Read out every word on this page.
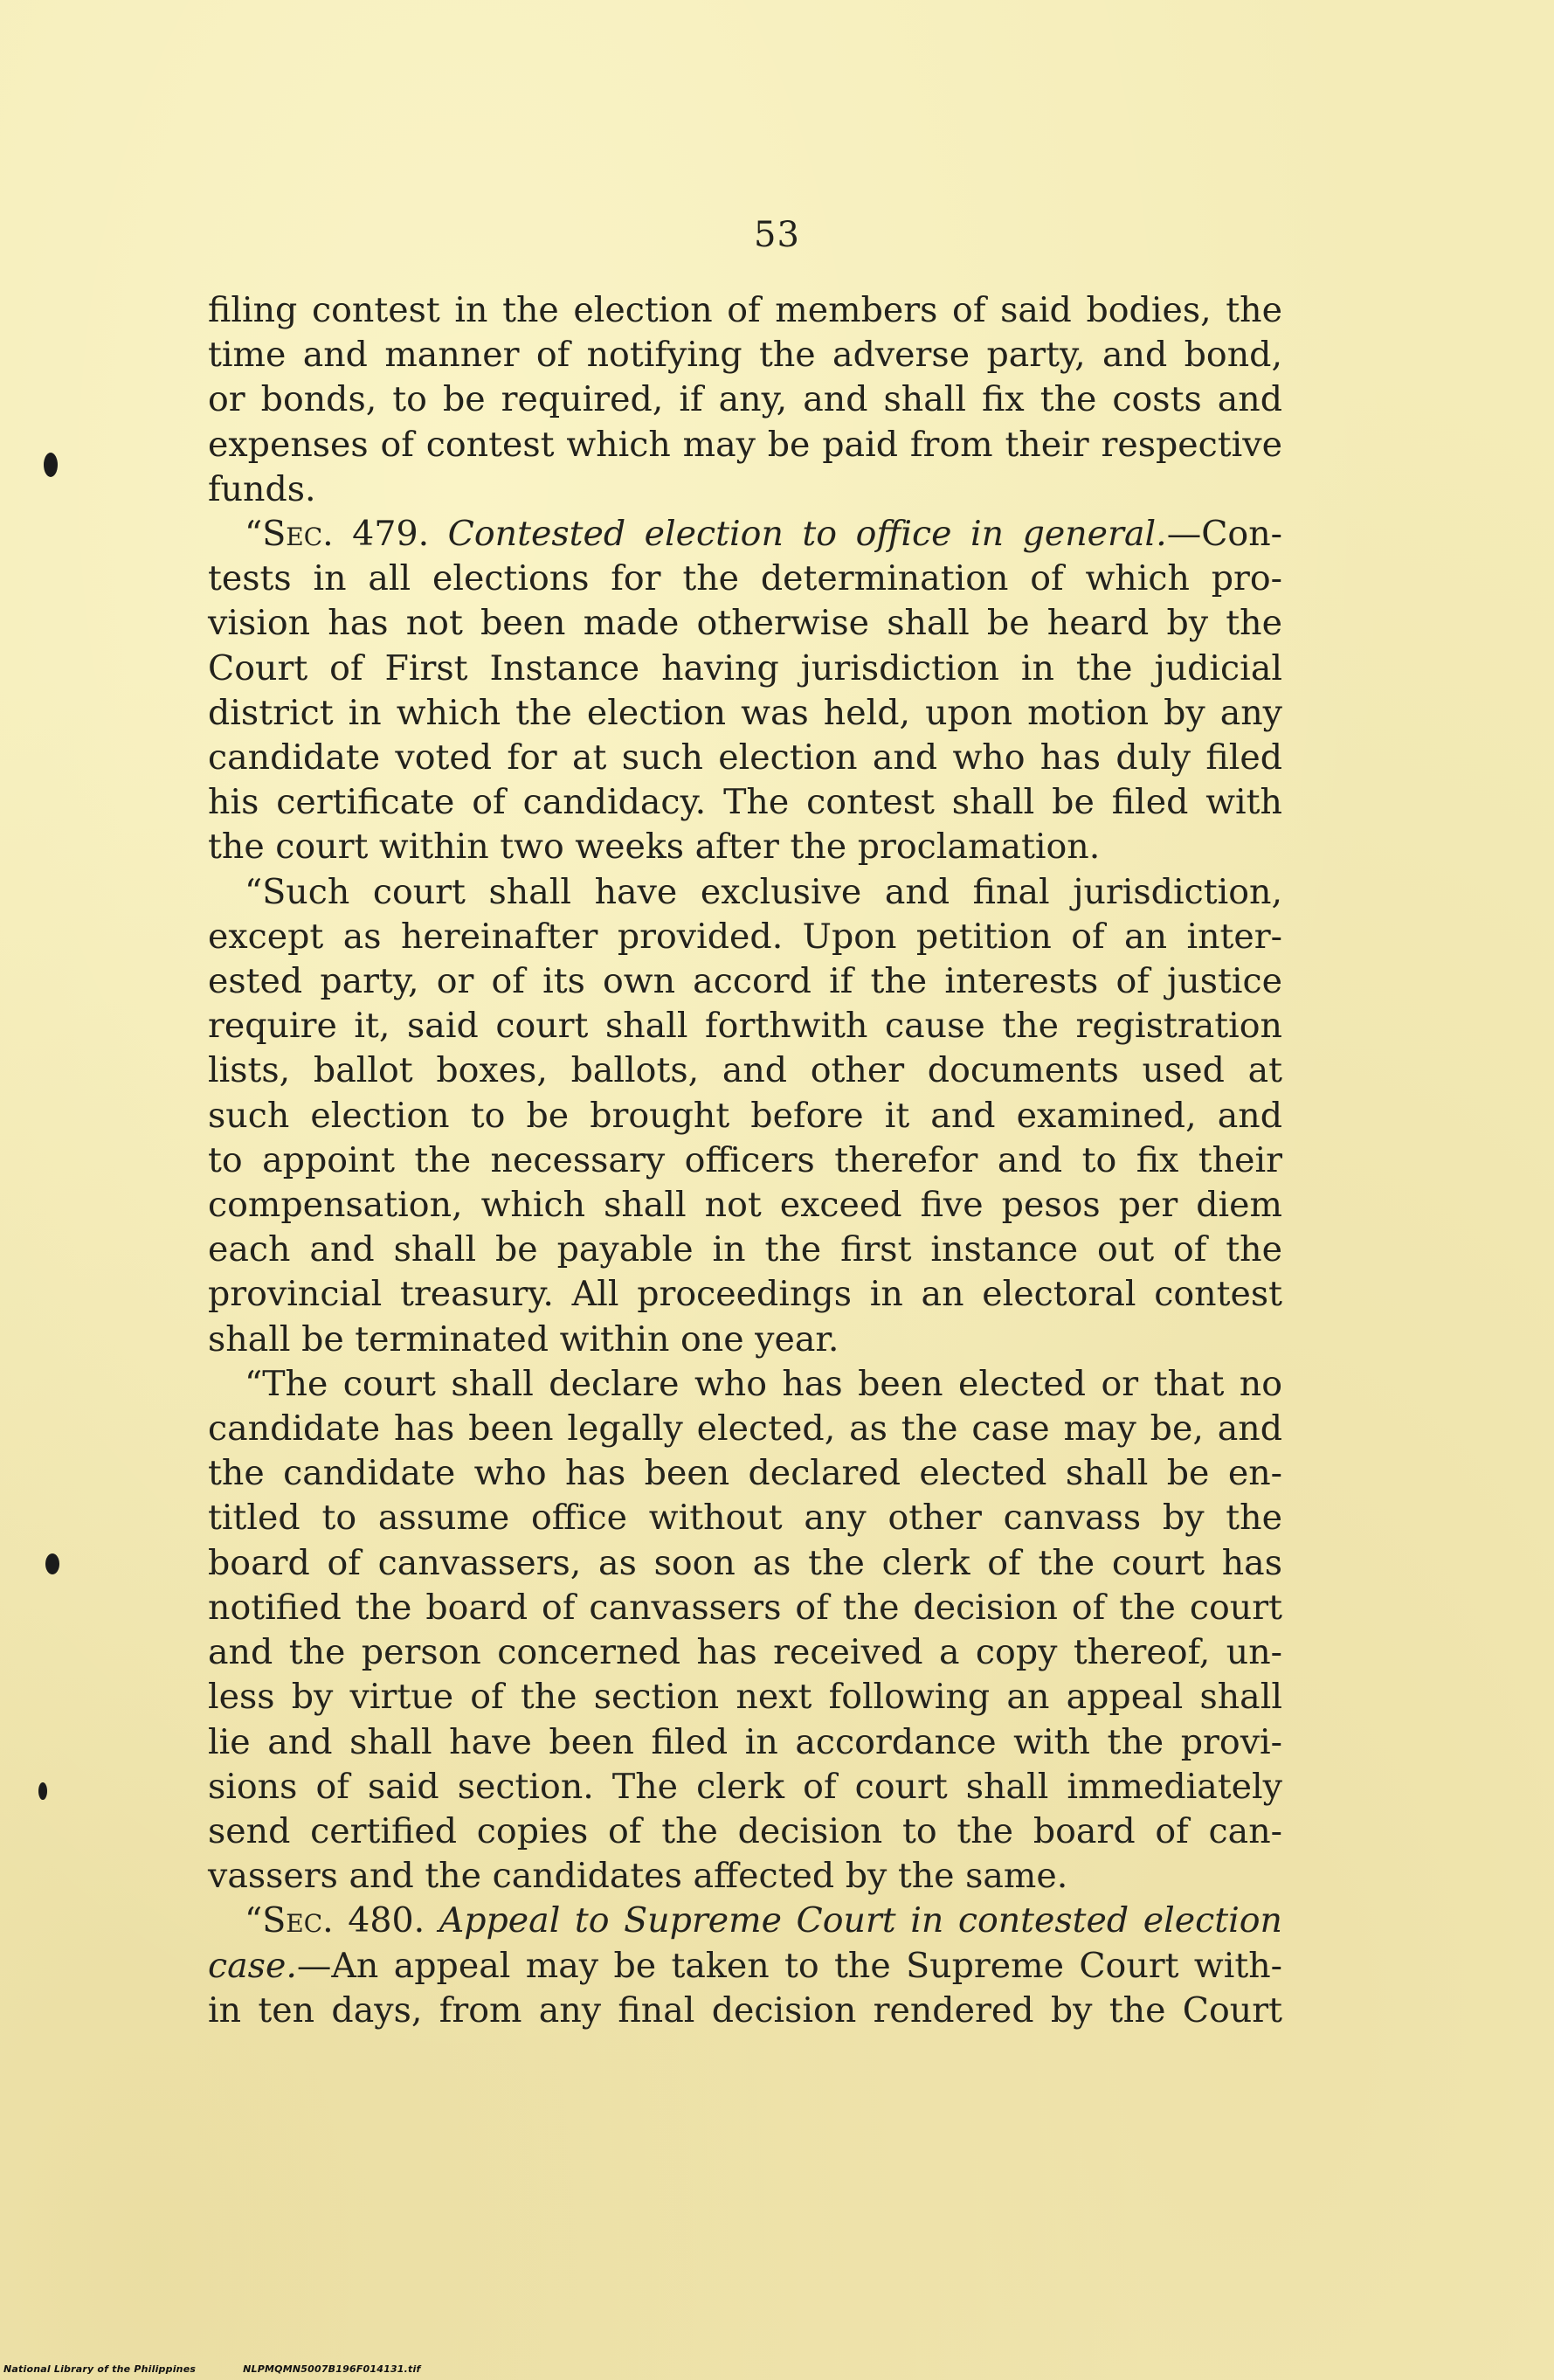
53
filing contest in the election of members of said bodies, the
time and manner of notifying the adverse party, and bond,
or bonds, to be required, if any, and shall fix the costs and
expenses of contest which may be paid from their respective
funds.
“Sec. 479. Contested election to office in general.—Con-
tests in all elections for the determination of which pro-
vision has not been made otherwise shall be heard by the
Court of First Instance having jurisdiction in the judicial
district in which the election was held, upon motion by any
candidate voted for at such election and who has duly filed
his certificate of candidacy. The contest shall be filed with
the court within two weeks after the proclamation.
“Such court shall have exclusive and final jurisdiction,
except as hereinafter provided. Upon petition of an inter-
ested party, or of its own accord if the interests of justice
require it, said court shall forthwith cause the registration
lists, ballot boxes, ballots, and other documents used at
such election to be brought before it and examined, and
to appoint the necessary officers therefor and to fix their
compensation, which shall not exceed five pesos per diem
each and shall be payable in the first instance out of the
provincial treasury. All proceedings in an electoral contest
shall be terminated within one year.
“The court shall declare who has been elected or that no
candidate has been legally elected, as the case may be, and
the candidate who has been declared elected shall be en-
titled to assume office without any other canvass by the
board of canvassers, as soon as the clerk of the court has
notified the board of canvassers of the decision of the court
and the person concerned has received a copy thereof, un-
less by virtue of the section next following an appeal shall
lie and shall have been filed in accordance with the provi-
sions of said section. The clerk of court shall immediately
send certified copies of the decision to the board of can-
vassers and the candidates affected by the same.
“Sec. 480. Appeal to Supreme Court in contested election
case.—An appeal may be taken to the Supreme Court with-
in ten days, from any final decision rendered by the Court
National Library of the Philippines	NLPMQMN5007B196F014131.tif
